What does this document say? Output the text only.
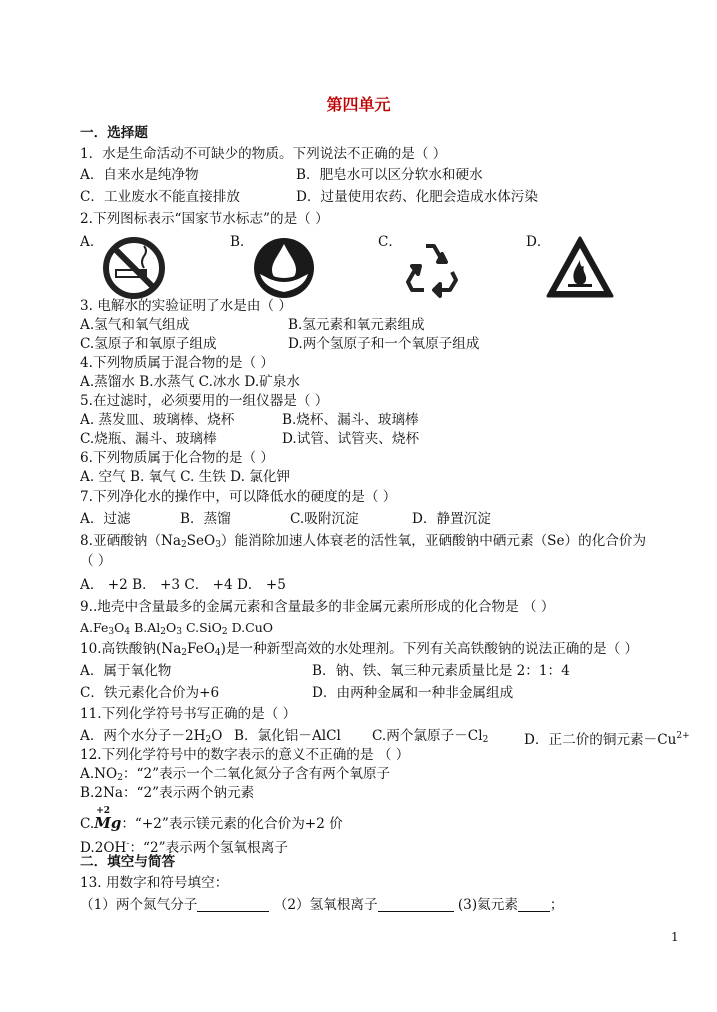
第四单元
一．选择题
1．水是生命活动不可缺少的物质。下列说法不正确的是（ ）
A．自来水是纯净物	B．肥皂水可以区分软水和硬水
C．工业废水不能直接排放	D．过量使用农药、化肥会造成水体污染
2.下列图标表示“国家节水标志”的是（ ）
A．	B．	C．	D．
3. 电解水的实验证明了水是由（ ）
A.氢气和氧气组成	B.氢元素和氧元素组成
C.氢原子和氧原子组成	D.两个氢原子和一个氧原子组成
4.下列物质属于混合物的是（ ）
A.蒸馏水 B.水蒸气 C.冰水 D.矿泉水
5.在过滤时，必须要用的一组仪器是（ ）
A. 蒸发皿、玻璃棒、烧杯	B.烧杯、漏斗、玻璃棒
C.烧瓶、漏斗、玻璃棒	D.试管、试管夹、烧杯
6.下列物质属于化合物的是（ ）
A. 空气 B. 氧气 C. 生铁 D. 氯化钾
7.下列净化水的操作中，可以降低水的硬度的是（ ）
A．过滤	B．蒸馏	C.吸附沉淀	D．静置沉淀
8.亚硒酸钠$(Na_2SeO_3)$能消除加速人体衰老的活性氧，亚硒酸钠中硒元素（Se）的化合价为
（ ）
A． +2 B． +3 C． +4 D． +5
9..地壳中含量最多的金属元素和含量最多的非金属元素所形成的化合物是 （ ）
$A.Fe_3O_4$ $B.Al_2O_3$ C.SiO$_2$ D.CuO
10.高铁酸钠$(Na_2FeO_4)$是一种新型高效的水处理剂。下列有关高铁酸钠的说法正确的是（ ）
A．属于氧化物	B．钠、铁、氧三种元素质量比是 2：1：4
C．铁元素化合价为+6	D．由两种金属和一种非金属组成
11.下列化学符号书写正确的是（ ）
A．两个水分子$-2H_2O$ B．氯化铝－AlCl C.两个氯原子$-Cl_2$	D．正二价的铜元素$-Cu^{2+}$
12.下列化学符号中的数字表示的意义不正确的是 （ ）
$A.NO_2$：“2”表示一个二氧化氮分子含有两个氧原子
B.2Na：“2”表示两个钠元素
C.
+2
Mg：“+2”表示镁元素的化合价为+2 价
D.2OH-：“2”表示两个氢氧根离子
二．填空与简答
13. 用数字和符号填空：
（1）两个氮气分子	（2）氢氧根离子	(3)氦元素 ；
1
